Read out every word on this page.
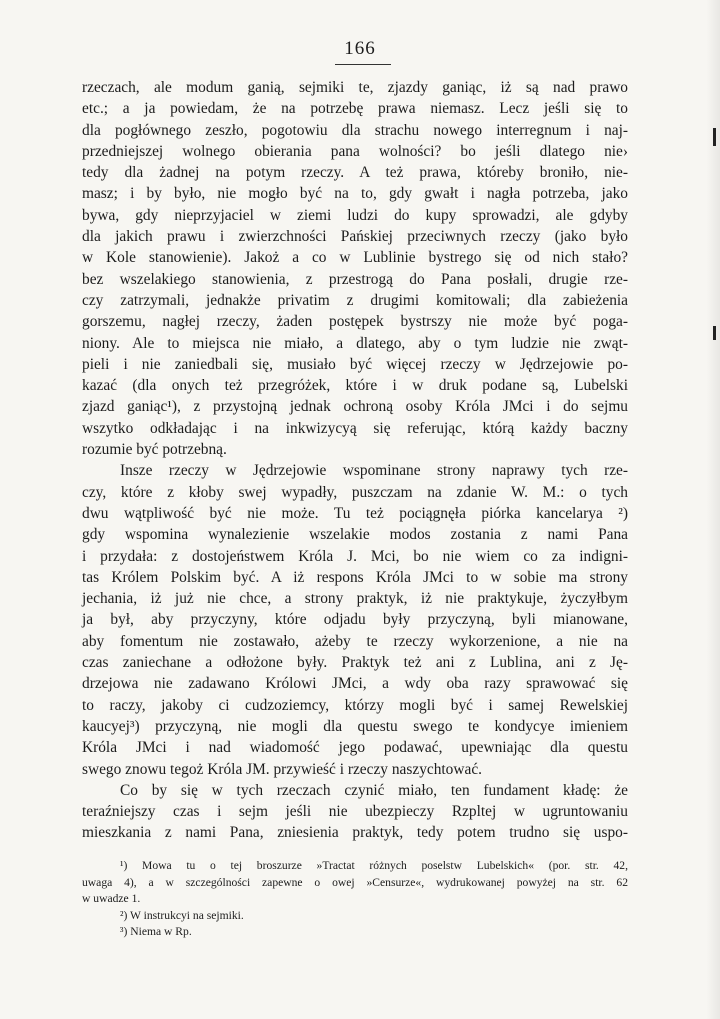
166
rzeczach, ale modum ganią, sejmiki te, zjazdy ganiąc, iż są nad prawo
etc.; a ja powiedam, że na potrzebę prawa niemasz. Lecz jeśli się to
dla pogłównego zeszło, pogotowiu dla strachu nowego interregnum i naj-
przedniejszej wolnego obierania pana wolności? bo jeśli dlatego nie›
tedy dla żadnej na potym rzeczy. A też prawa, któreby broniło, nie-
masz; i by było, nie mogło być na to, gdy gwałt i nagła potrzeba, jako
bywa, gdy nieprzyjaciel w ziemi ludzi do kupy sprowadzi, ale gdyby
dla jakich prawu i zwierzchności Pańskiej przeciwnych rzeczy (jako było
w Kole stanowienie). Jakoż a co w Lublinie bystrego się od nich stało?
bez wszelakiego stanowienia, z przestrogą do Pana posłali, drugie rze-
czy zatrzymali, jednakże privatim z drugimi komitowali; dla zabieżenia
gorszemu, nagłej rzeczy, żaden postępek bystrszy nie może być poga-
niony. Ale to miejsca nie miało, a dlatego, aby o tym ludzie nie zwąt-
pieli i nie zaniedbali się, musiało być więcej rzeczy w Jędrzejowie po-
kazać (dla onych też przegróżek, które i w druk podane są, Lubelski
zjazd ganiąc¹), z przystojną jednak ochroną osoby Króla JMci i do sejmu
wszytko odkładając i na inkwizycyą się referując, którą każdy baczny
rozumie być potrzebną.
Insze rzeczy w Jędrzejowie wspominane strony naprawy tych rze-
czy, które z kłoby swej wypadły, puszczam na zdanie W. M.: o tych
dwu wątpliwość być nie może. Tu też pociągnęła piórka kancelarya ²)
gdy wspomina wynalezienie wszelakie modos zostania z nami Pana
i przydała: z dostojeństwem Króla J. Mci, bo nie wiem co za indigni-
tas Królem Polskim być. A iż respons Króla JMci to w sobie ma strony
jechania, iż już nie chce, a strony praktyk, iż nie praktykuje, życzyłbym
ja był, aby przyczyny, które odjadu były przyczyną, byli mianowane,
aby fomentum nie zostawało, ażeby te rzeczy wykorzenione, a nie na
czas zaniechane a odłożone były. Praktyk też ani z Lublina, ani z Ję-
drzejowa nie zadawano Królowi JMci, a wdy oba razy sprawować się
to raczy, jakoby ci cudzoziemcy, którzy mogli być i samej Rewelskiej
kaucyej³) przyczyną, nie mogli dla questu swego te kondycye imieniem
Króla JMci i nad wiadomość jego podawać, upewniając dla questu
swego znowu tegoż Króla JM. przywieść i rzeczy naszychtować.
Co by się w tych rzeczach czynić miało, ten fundament kładę: że
teraźniejszy czas i sejm jeśli nie ubezpieczy Rzpltej w ugruntowaniu
mieszkania z nami Pana, zniesienia praktyk, tedy potem trudno się uspo-
¹) Mowa tu o tej broszurze »Tractat różnych poselstw Lubelskich« (por. str. 42,
uwaga 4), a w szczególności zapewne o owej »Censurze«, wydrukowanej powyżej na str. 62
w uwadze 1.
²) W instrukcyi na sejmiki.
³) Niema w Rp.
